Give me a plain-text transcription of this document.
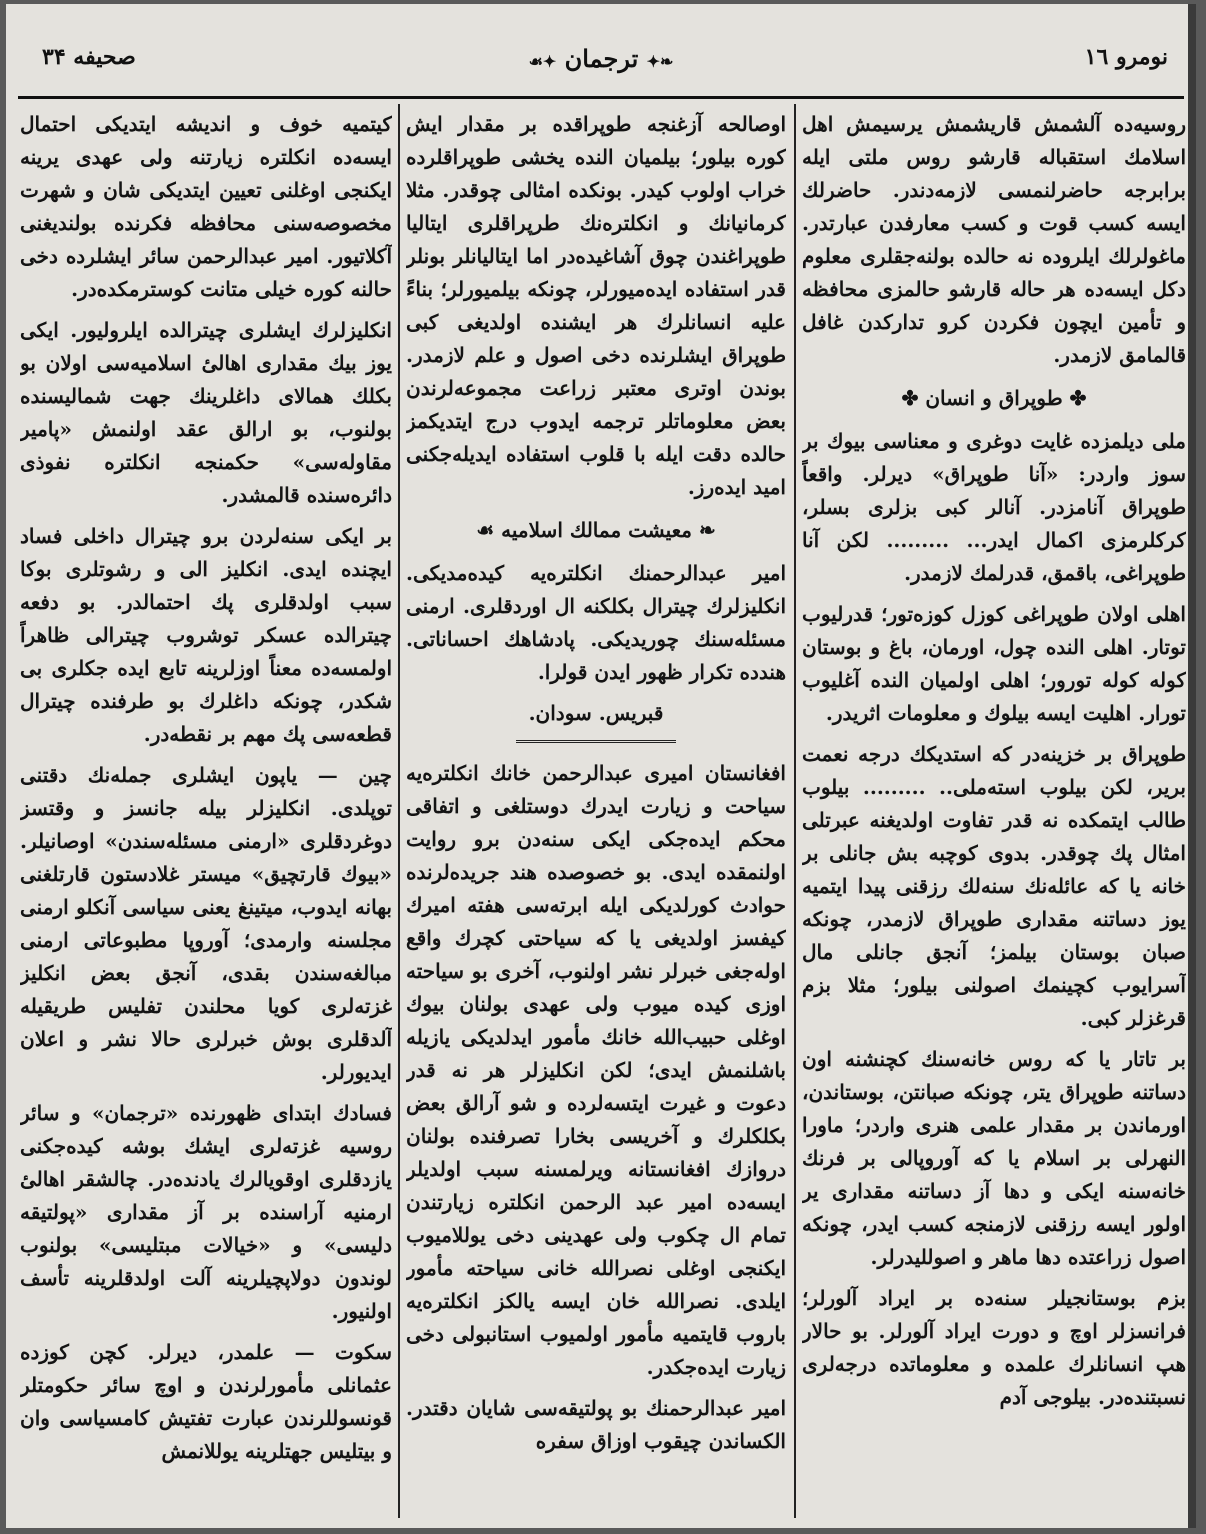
صحیفه ۳۴	❧✦ ترجمان ✦☙	نومرو ۱٦

روسیه‌ده آلشمش قاریشمش یرسیمش اهل اسلامك استقباله قارشو روس ملتی ایله برابرجه حاضرلنمسی لازمه‌دندر. حاضرلك ایسه کسب قوت و کسب معارفدن عبارتدر. ماغولرلك ایلروده نه حالده بولنه‌جقلری معلوم دکل ایسه‌ده هر حاله قارشو حالمزی محافظه و تأمین ایچون فکردن کرو تدارکدن غافل قالمامق لازمدر.

✤ طوپراق و انسان ✤

ملی دیلمزده غایت دوغری و معناسی بیوك بر سوز واردر: «آنا طوپراق» دیرلر. واقعاً طوپراق آنامزدر. آنالر کبی بزلری بسلر، کرکلرمزی اکمال ایدر... ......... لکن آنا طوپراغی، باقمق، قدرلمك لازمدر.

اهلی اولان طوپراغی کوزل کوزه‌تور؛ قدرلیوب توتار. اهلی النده چول، اورمان، باغ و بوستان کوله کوله تورور؛ اهلی اولمیان النده آغلیوب تورار. اهلیت ایسه بیلوك و معلومات اثریدر.

طوپراق بر خزینه‌در که استدیکك درجه نعمت بریر، لکن بیلوب استه‌ملی.. ......... بیلوب طالب ایتمکده نه قدر تفاوت اولدیغنه عبرتلی امثال پك چوقدر. بدوی کوچبه بش جانلی بر خانه یا که عائله‌نك سنه‌لك رزقنی پیدا ایتمیه یوز دساتنه مقداری طوپراق لازمدر، چونکه صبان بوستان بیلمز؛ آنجق جانلی مال آسرایوب کچینمك اصولنی بیلور؛ مثلا بزم قرغزلر کبی.

بر تاتار یا که روس خانه‌سنك کچنشنه اون دساتنه طوپراق یتر، چونکه صبانتن، بوستاندن، اورماندن بر مقدار علمی هنری واردر؛ ماورا النهرلی بر اسلام یا که آوروپالی بر فرنك خانه‌سنه ایکی و دها آز دساتنه مقداری یر اولور ایسه رزقنی لازمنجه کسب ایدر، چونکه اصول زراعتده دها ماهر و اصوللیدرلر.

بزم بوستانجیلر سنه‌ده بر ایراد آلورلر؛ فرانسزلر اوچ و دورت ایراد آلورلر. بو حالار هپ انسانلرك علمده و معلوماتده درجه‌لری نسبتنده‌در. بیلوجی آدم

اوصالحه آزغنجه طوپراقده بر مقدار ایش کوره بیلور؛ بیلمیان النده یخشی طوپراقلرده خراب اولوب کیدر. بونکده امثالی چوقدر. مثلا کرمانیانك و انکلتره‌نك طرپراقلری ایتالیا طوپراغندن چوق آشاغیده‌در اما ایتالیانلر بونلر قدر استفاده ایده‌میورلر، چونکه بیلمیورلر؛ بناءً علیه انسانلرك هر ایشنده اولدیغی کبی طوپراق ایشلرنده دخی اصول و علم لازمدر. بوندن اوتری معتبر زراعت مجموعه‌لرندن بعض معلوماتلر ترجمه ایدوب درج ایتدیکمز حالده دقت ایله با قلوب استفاده ایدیله‌جکنی امید ایده‌رز.

❧ معیشت ممالك اسلامیه ☙

امیر عبدالرحمنك انکلتره‌یه کیده‌مدیکی. انکلیزلرك چیترال بکلکنه ال اوردقلری. ارمنی مسئله‌سنك چوریدیکی. پادشاهك احساناتی. هندده تکرار ظهور ایدن قولرا.

قبریس. سودان.

افغانستان امیری عبدالرحمن خانك انکلتره‌یه سیاحت و زیارت ایدرك دوستلغی و اتفاقی محکم ایده‌جکی ایکی سنه‌دن برو روایت اولنمقده ایدی. بو خصوصده هند جریده‌لرنده حوادث کورلدیکی ایله ابرته‌سی هفته امیرك کیفسز اولدیغی یا که سیاحتی کچرك واقع اوله‌جغی خبرلر نشر اولنوب، آخری بو سیاحته اوزی کیده میوب ولی عهدی بولنان بیوك اوغلی حبیب‌الله خانك مأمور ایدلدیکی یازیله باشلنمش ایدی؛ لکن انکلیزلر هر نه قدر دعوت و غیرت ایتسه‌لرده و شو آرالق بعض بکلکلرك و آخریسی بخارا تصرفنده بولنان دروازك افغانستانه ویرلمسنه سبب اولدیلر ایسه‌ده امیر عبد الرحمن انکلتره زیارتندن تمام ال چکوب ولی عهدینی دخی یوللامیوب ایکنجی اوغلی نصرالله خانی سیاحته مأمور ایلدی. نصرالله خان ایسه یالکز انکلتره‌یه باروب قایتمیه مأمور اولمیوب استانبولی دخی زیارت ایده‌جکدر.

امیر عبدالرحمنك بو پولتیقه‌سی شایان دقتدر. الکساندن چیقوب اوزاق سفره

کیتمیه خوف و اندیشه ایتدیکی احتمال ایسه‌ده انکلتره زیارتنه ولی عهدی یرینه ایکنجی اوغلنی تعیین ایتدیکی شان و شهرت مخصوصه‌سنی محافظه فکرنده بولندیغنی آکلاتیور. امیر عبدالرحمن سائر ایشلرده دخی حالنه کوره خیلی متانت کوسترمکده‌در.

انکلیزلرك ایشلری چیترالده ایلرولیور. ایکی یوز بیك مقداری اهالیٔ اسلامیه‌سی اولان بو بکلك همالای داغلرینك جهت شمالیسنده بولنوب، بو ارالق عقد اولنمش «پامیر مقاوله‌سی» حکمنجه انکلتره نفوذی دائره‌سنده قالمشدر.

بر ایکی سنه‌لردن برو چیترال داخلی فساد ایچنده ایدی. انکلیز الی و رشوتلری بوکا سبب اولدقلری پك احتمالدر. بو دفعه چیترالده عسکر توشروب چیترالی ظاهراً اولمسه‌ده معناً اوزلرینه تابع ایده جکلری بی شکدر، چونکه داغلرك بو طرفنده چیترال قطعه‌سی پك مهم بر نقطه‌در.

چین — یاپون ایشلری جمله‌نك دقتنی توپلدی. انکلیزلر بیله جانسز و وقتسز دوغردقلری «ارمنی مسئله‌سندن» اوصانیلر. «بیوك قارتچیق» میستر غلادستون قارتلغنی بهانه ایدوب، میتینغ یعنی سیاسی آنکلو ارمنی مجلسنه وارمدی؛ آوروپا مطبوعاتی ارمنی مبالغه‌سندن بقدی، آنجق بعض انکلیز غزته‌لری کویا محلندن تفلیس طریقیله آلدقلری بوش خبرلری حالا نشر و اعلان ایدیورلر.

فسادك ابتدای ظهورنده «ترجمان» و سائر روسیه غزته‌لری ایشك بوشه کیده‌جکنی یازدقلری اوقویالرك یادنده‌در. چالشقر اهالیٔ ارمنیه آراسنده بر آز مقداری «پولتیقه دلیسی» و «خیالات مبتلیسی» بولنوب لوندون دولاپچیلرینه آلت اولدقلرینه تأسف اولنیور.

سکوت — علمدر، دیرلر. کچن کوزده عثمانلی مأمورلرندن و اوچ سائر حکومتلر قونسوللرندن عبارت تفتیش کامسیاسی وان و بیتلیس جهتلرینه یوللانمش
